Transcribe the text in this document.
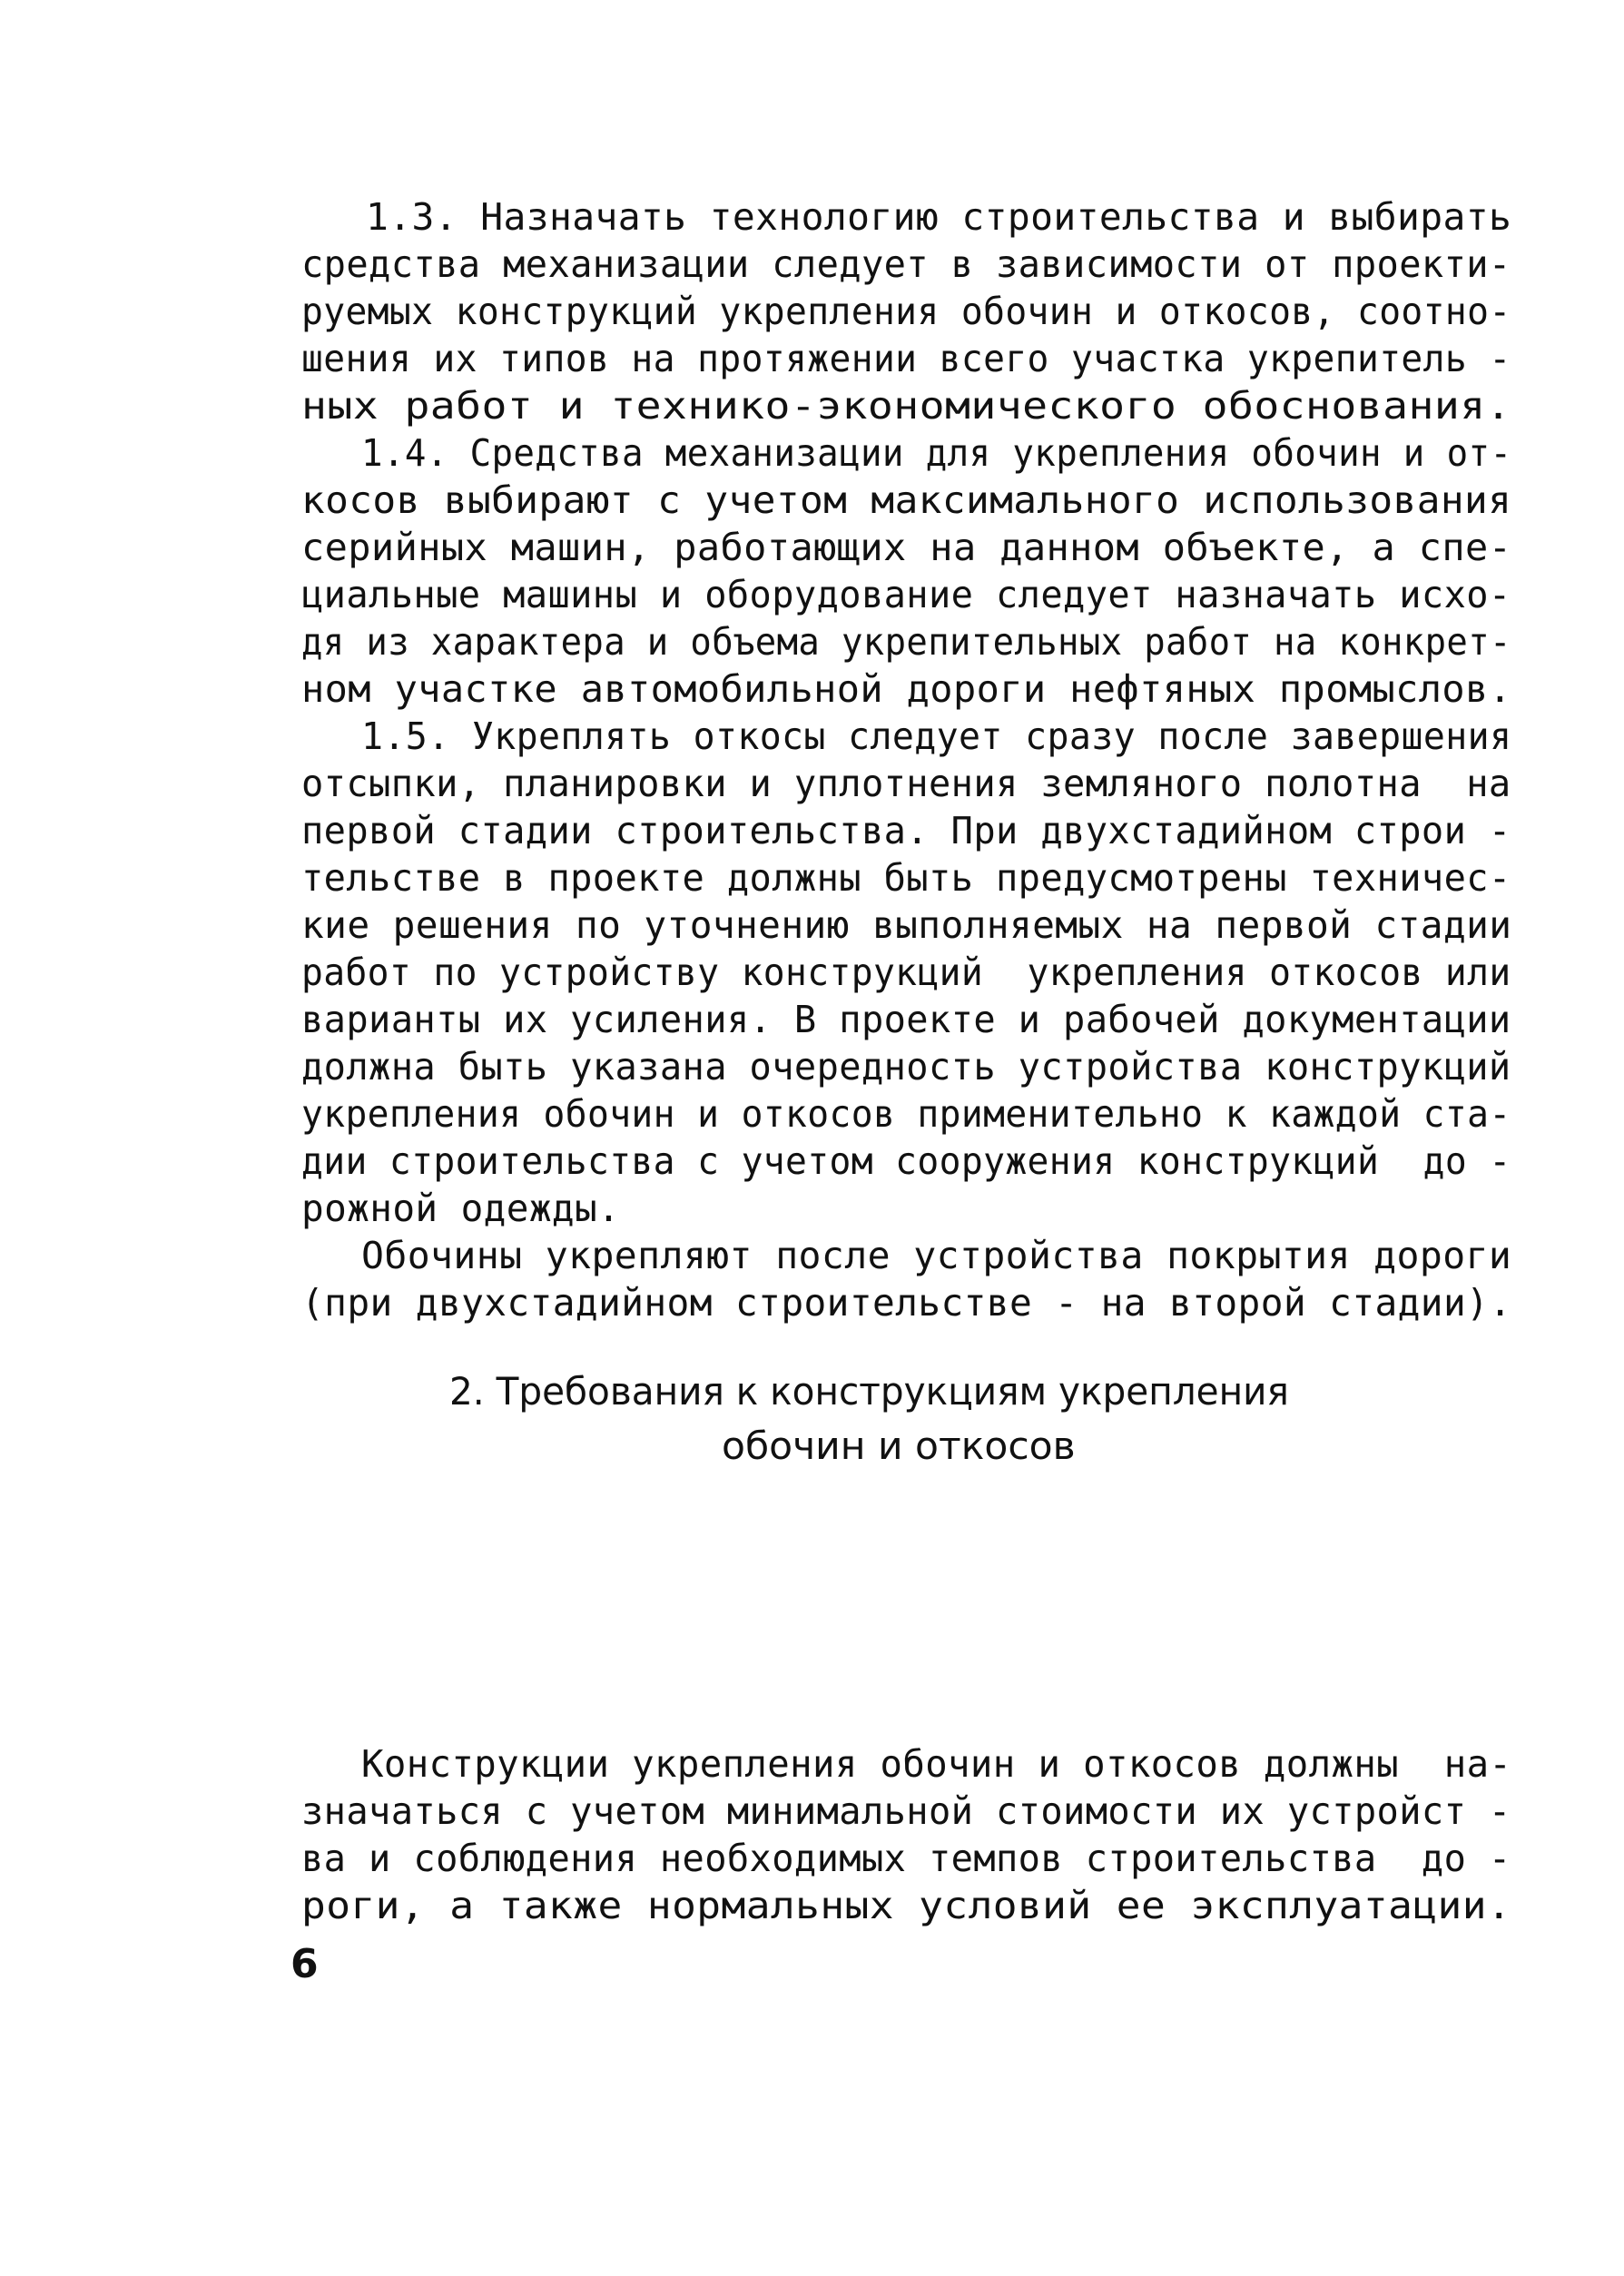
1.3. Назначать технологию строительства и выбирать
средства механизации следует в зависимости от проекти-
руемых конструкций укрепления обочин и откосов, соотно-
шения их типов на протяжении всего участка укрепитель -
ных работ и технико-экономического обоснования.
1.4. Средства механизации для укрепления обочин и от-
косов выбирают с учетом максимального использования
серийных машин, работающих на данном объекте, а спе-
циальные машины и оборудование следует назначать исхо-
дя из характера и объема укрепительных работ на конкрет-
ном участке автомобильной дороги нефтяных промыслов.
1.5. Укреплять откосы следует сразу после завершения
отсыпки, планировки и уплотнения земляного полотна  на
первой стадии строительства. При двухстадийном строи -
тельстве в проекте должны быть предусмотрены техничес-
кие решения по уточнению выполняемых на первой стадии
работ по устройству конструкций  укрепления откосов или
варианты их усиления. В проекте и рабочей документации
должна быть указана очередность устройства конструкций
укрепления обочин и откосов применительно к каждой ста-
дии строительства с учетом сооружения конструкций  до -
рожной одежды.
Обочины укрепляют после устройства покрытия дороги
(при двухстадийном строительстве - на второй стадии).
2. Требования к конструкциям укрепления
обочин и откосов
Конструкции укрепления обочин и откосов должны  на-
значаться с учетом минимальной стоимости их устройст -
ва и соблюдения необходимых темпов строительства  до -
роги, а также нормальных условий ее эксплуатации.
6
